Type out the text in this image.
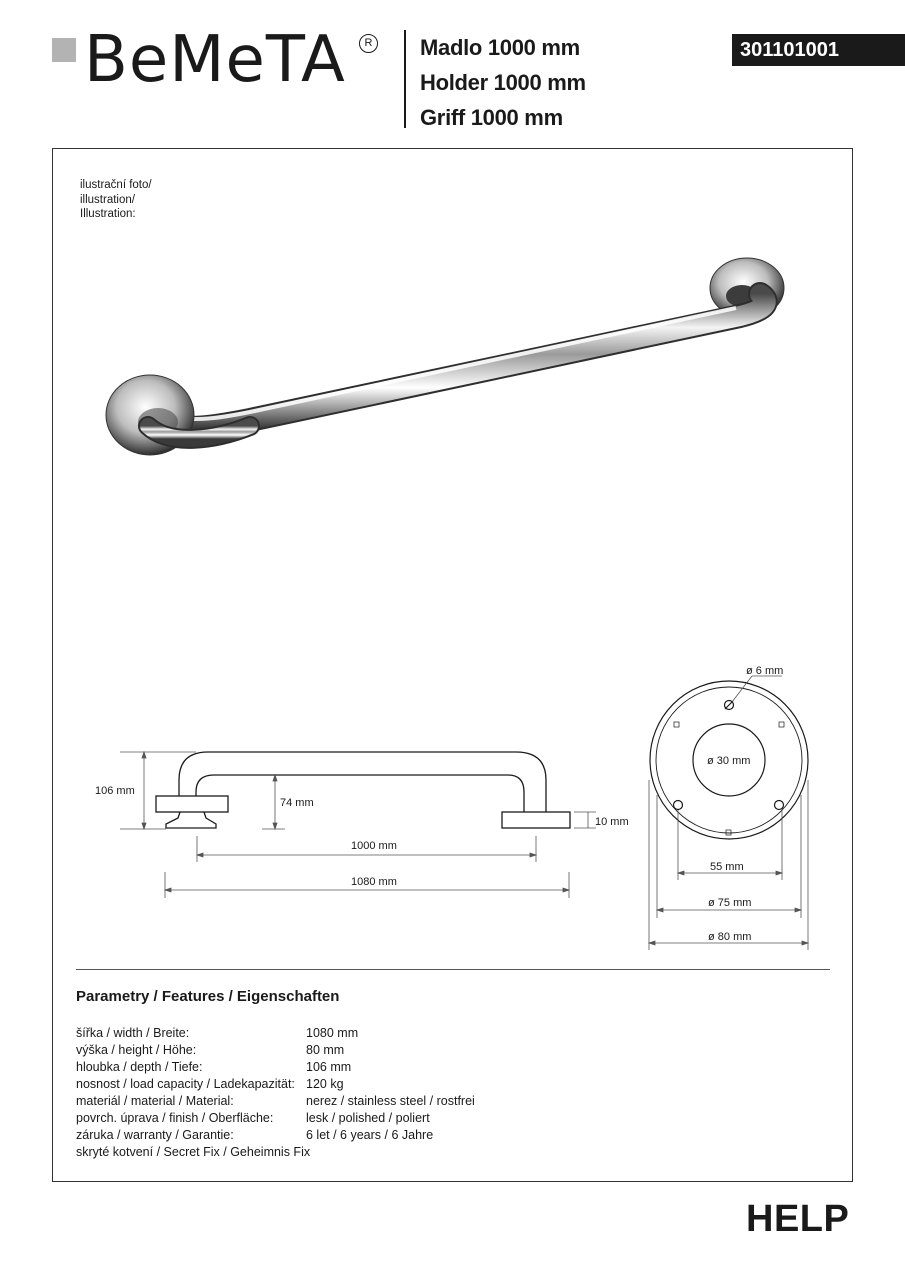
BeMeTA	R Madlo 1000 mm
Holder 1000 mm
Griff 1000 mm
301101001
ilustrační foto/
illustration/
Illustration:
106 mm
74 mm
10 mm
1000 mm
1080 mm
ø 6 mm
ø 30 mm
55 mm
ø 75 mm
ø 80 mm
Parametry / Features / Eigenschaften
šířka / width / Breite:	1080 mm
výška / height / Höhe:	80 mm
hloubka / depth / Tiefe:	106 mm
nosnost / load capacity / Ladekapazität:	120 kg
materiál / material / Material:	nerez / stainless steel / rostfrei
povrch. úprava / finish / Oberfläche:	lesk / polished / poliert
záruka / warranty / Garantie:	6 let / 6 years / 6 Jahre
skryté kotvení / Secret Fix / Geheimnis Fix	
HELP
